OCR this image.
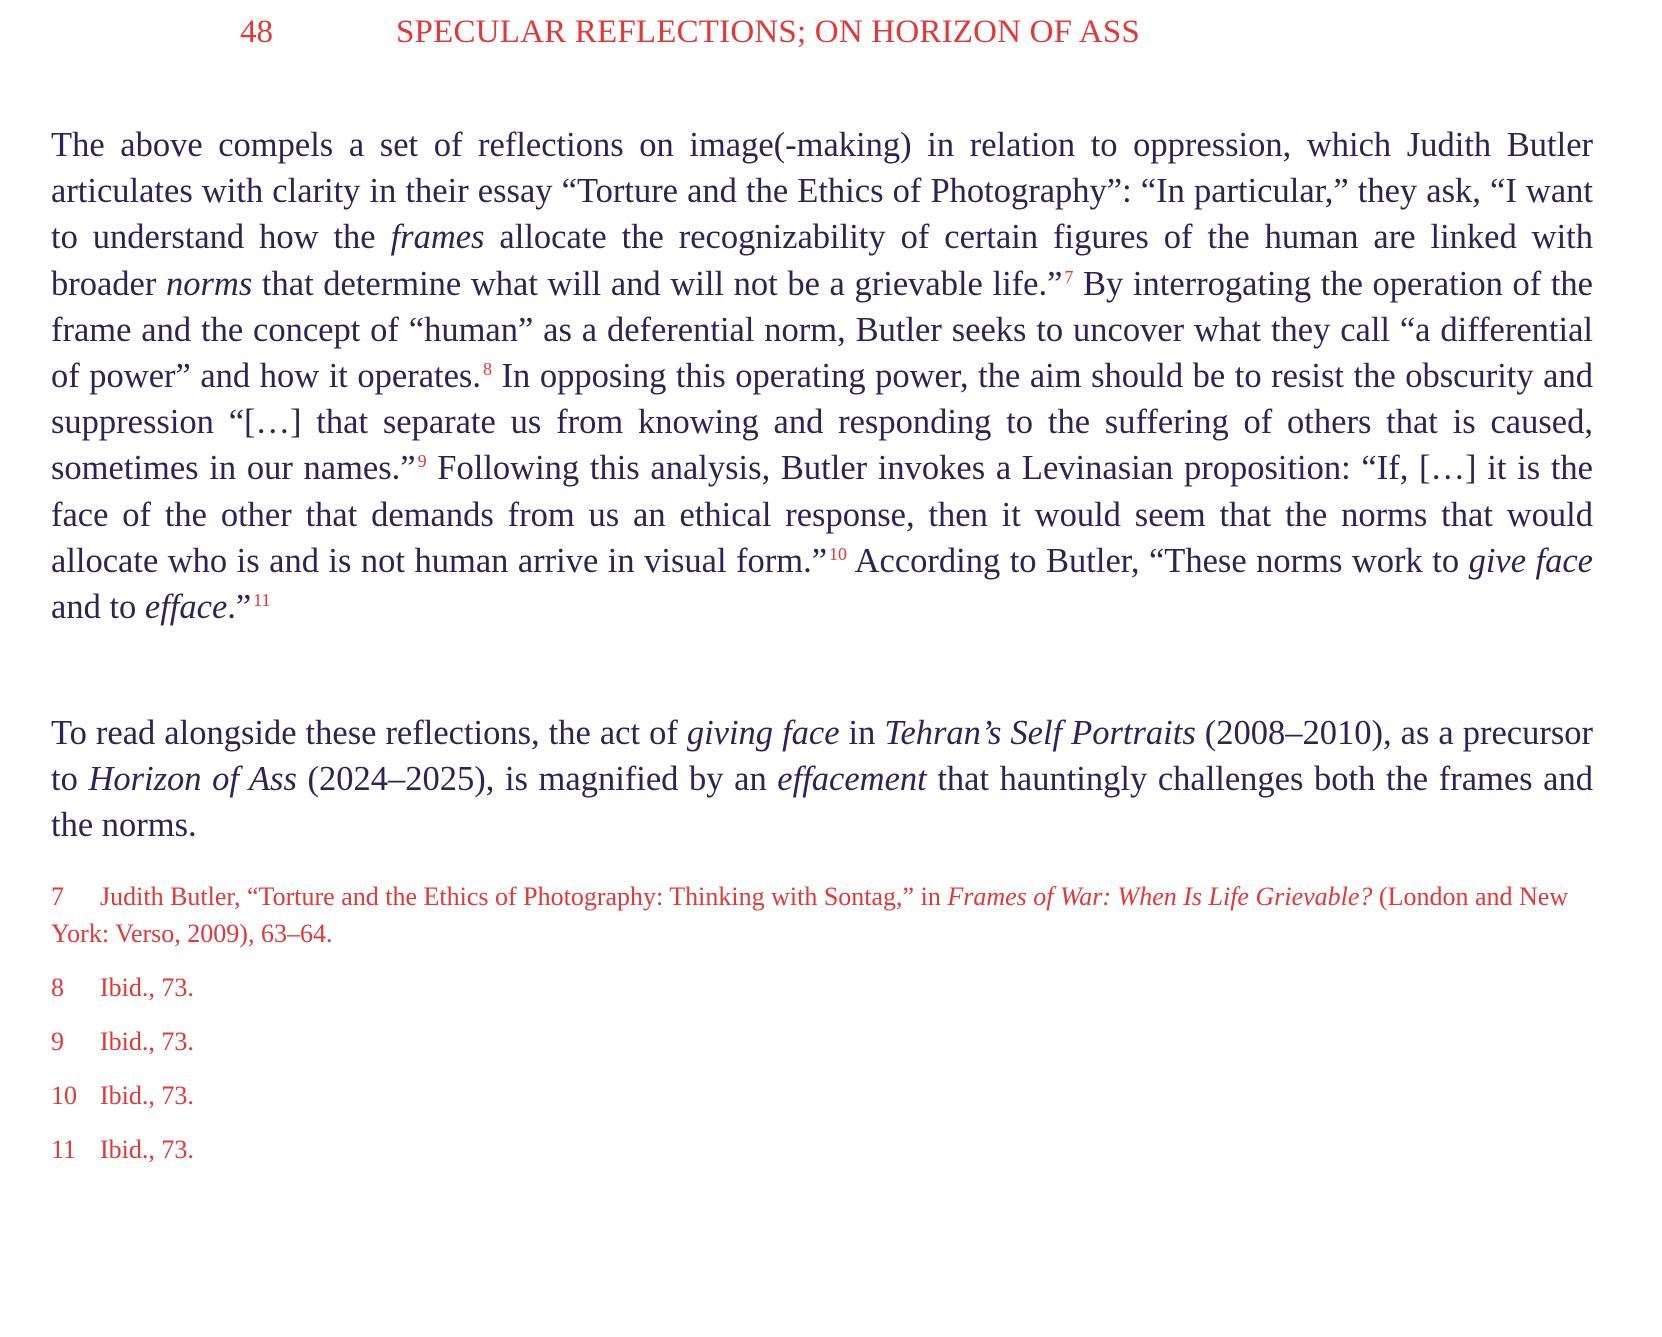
48	SPECULAR REFLECTIONS; ON HORIZON OF ASS

The above compels a set of reflections on image(-making) in relation to oppression, which Judith Butler articulates with clarity in their essay “Torture and the Ethics of Photography”: “In particular,” they ask, “I want to understand how the frames allocate the recognizability of certain figures of the human are linked with broader norms that determine what will and will not be a grievable life.” $^7$ By interrogating the operation of the frame and the concept of “human” as a deferential norm, Butler seeks to uncover what they call “a differential of power” and how it operates. $^8$ In opposing this operating power, the aim should be to resist the obscurity and suppression “[…] that separate us from knowing and responding to the suffering of others that is caused, sometimes in our names.” $^9$ Following this analysis, Butler invokes a Levinasian proposition: “If, […] it is the face of the other that demands from us an ethical response, then it would seem that the norms that would allocate who is and is not human arrive in visual form.” $^{10}$ According to Butler, “These norms work to give face and to efface.” $^{11}$

To read alongside these reflections, the act of giving face in Tehran’s Self Portraits (2008–2010), as a precursor to Horizon of Ass (2024–2025), is magnified by an effacement that hauntingly challenges both the frames and the norms.

7 Judith Butler, “Torture and the Ethics of Photography: Thinking with Sontag,” in Frames of War: When Is Life Grievable? (London and New York: Verso, 2009), 63–64.
8	Ibid., 73.
9	Ibid., 73.
10 Ibid., 73.
11 Ibid., 73.
